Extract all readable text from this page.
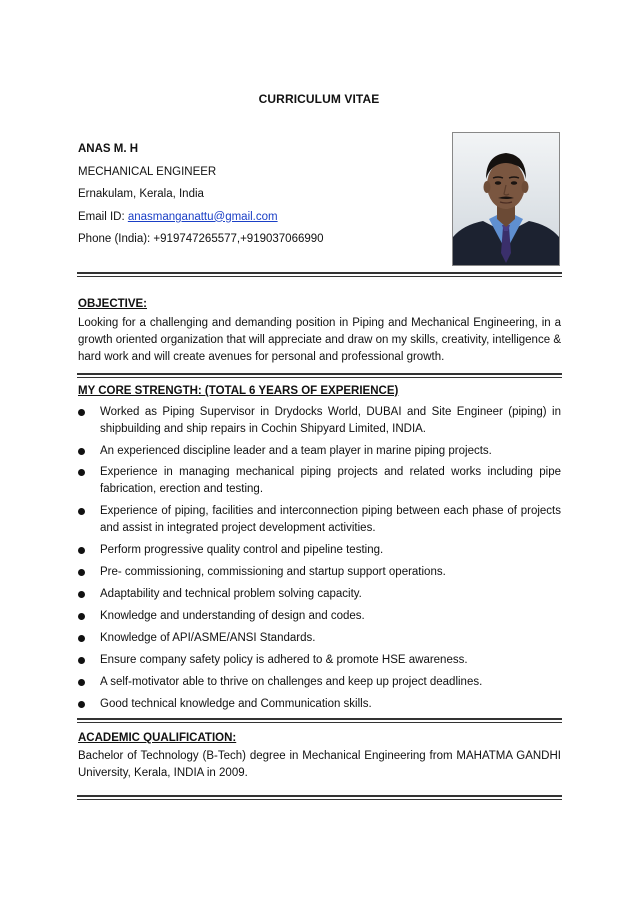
CURRICULUM VITAE
ANAS M. H
MECHANICAL ENGINEER
Ernakulam, Kerala, India
Email ID: anasmanganattu@gmail.com
Phone (India): +919747265577,+919037066990
OBJECTIVE:
Looking for a challenging and demanding position in Piping and Mechanical Engineering, in a growth oriented organization that will appreciate and draw on my skills, creativity, intelligence & hard work and will create avenues for personal and professional growth.
MY CORE STRENGTH: (TOTAL 6 YEARS OF EXPERIENCE)
Worked as Piping Supervisor in Drydocks World, DUBAI and Site Engineer (piping) in shipbuilding and ship repairs in Cochin Shipyard Limited, INDIA.
An experienced discipline leader and a team player in marine piping projects.
Experience in managing mechanical piping projects and related works including pipe fabrication, erection and testing.
Experience of piping, facilities and interconnection piping between each phase of projects and assist in integrated project development activities.
Perform progressive quality control and pipeline testing.
Pre- commissioning, commissioning and startup support operations.
Adaptability and technical problem solving capacity.
Knowledge and understanding of design and codes.
Knowledge of API/ASME/ANSI Standards.
Ensure company safety policy is adhered to & promote HSE awareness.
A self-motivator able to thrive on challenges and keep up project deadlines.
Good technical knowledge and Communication skills.
ACADEMIC QUALIFICATION:
Bachelor of Technology (B-Tech) degree in Mechanical Engineering from MAHATMA GANDHI University, Kerala, INDIA in 2009.
